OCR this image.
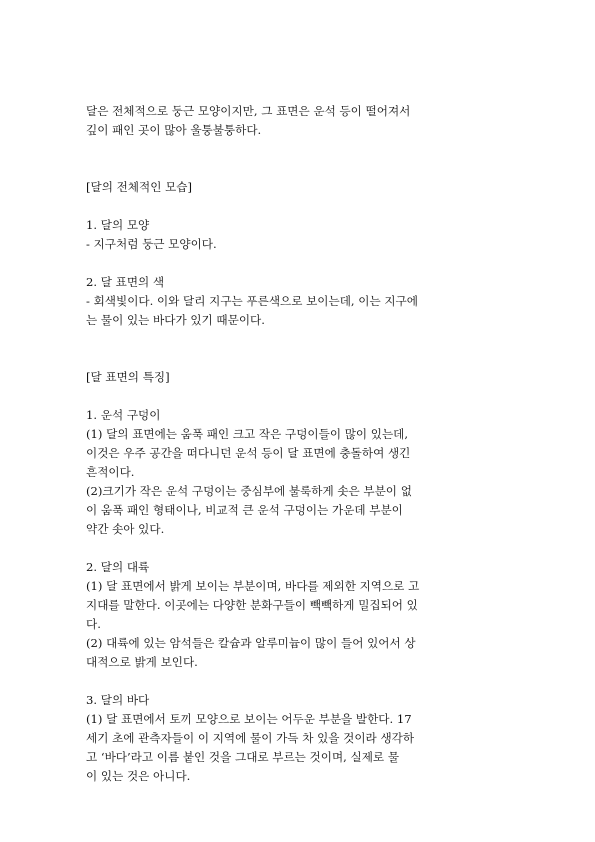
달은 전체적으로 둥근 모양이지만, 그 표면은 운석 등이 떨어져서

깊이 패인 곳이 많아 울퉁불퉁하다.

[달의 전체적인 모습]

1. 달의 모양

- 지구처럼 둥근 모양이다.

2. 달 표면의 색

- 회색빛이다. 이와 달리 지구는 푸른색으로 보이는데, 이는 지구에

는 물이 있는 바다가 있기 때문이다.

[달 표면의 특징]

1. 운석 구덩이

(1) 달의 표면에는 움푹 패인 크고 작은 구덩이들이 많이 있는데,

이것은 우주 공간을 떠다니던 운석 등이 달 표면에 충돌하여 생긴

흔적이다.

(2)크기가 작은 운석 구덩이는 중심부에 불룩하게 솟은 부분이 없

이 움푹 패인 형태이나, 비교적 큰 운석 구덩이는 가운데 부분이

약간 솟아 있다.

2. 달의 대륙

(1) 달 표면에서 밝게 보이는 부분이며, 바다를 제외한 지역으로 고

지대를 말한다. 이곳에는 다양한 분화구들이 빽빽하게 밀집되어 있

다.

(2) 대륙에 있는 암석들은 칼슘과 알루미늄이 많이 들어 있어서 상

대적으로 밝게 보인다.

3. 달의 바다

(1) 달 표면에서 토끼 모양으로 보이는 어두운 부분을 발한다. 17

세기 초에 관측자들이 이 지역에 물이 가득 차 있을 것이라 생각하

고 ‘바다’라고 이름 붙인 것을 그대로 부르는 것이며, 실제로 물

이 있는 것은 아니다.
